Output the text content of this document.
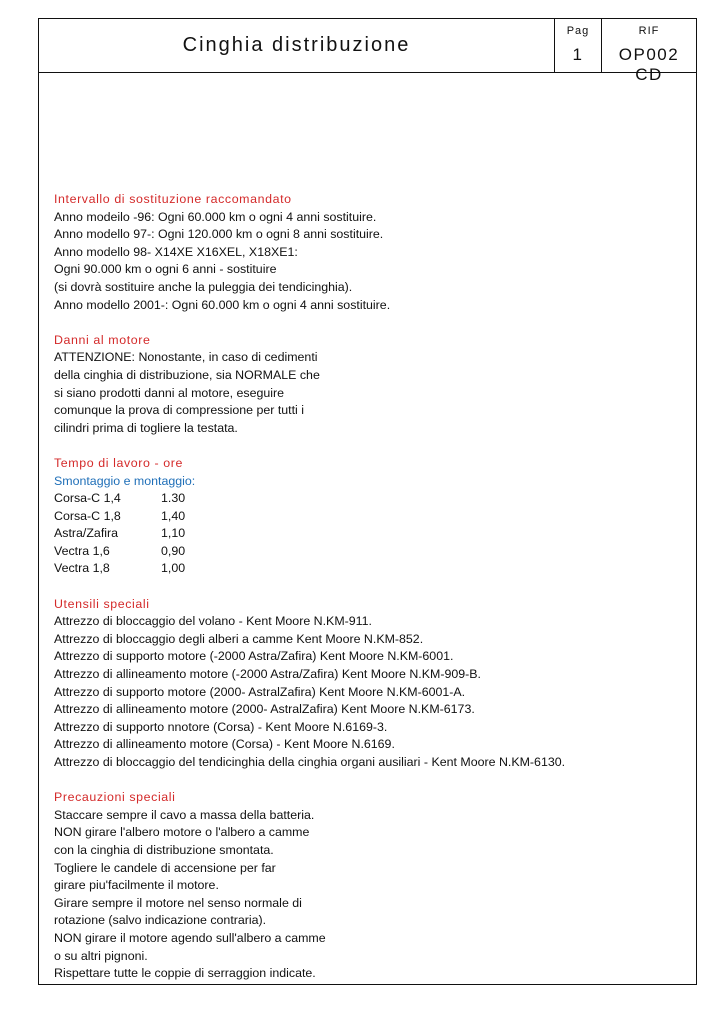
Cinghia distribuzione
Pag
1
RIF
OP002 CD
Intervallo di sostituzione raccomandato
Anno modeilo -96: Ogni 60.000 km o ogni 4 anni sostituire.
Anno modello 97-: Ogni 120.000 km o ogni 8 anni sostituire.
Anno modello 98- X14XE X16XEL, X18XE1:
Ogni 90.000 km o ogni 6 anni - sostituire
(si dovrà sostituire anche la puleggia dei tendicinghia).
Anno modello 2001-: Ogni 60.000 km o ogni 4 anni sostituire.
Danni al motore
ATTENZIONE: Nonostante, in caso di cedimenti
della cinghia di distribuzione, sia NORMALE che
si siano prodotti danni al motore, eseguire
comunque la prova di compressione per tutti i
cilindri prima di togliere la testata.
Tempo di lavoro - ore
Smontaggio e montaggio:
Corsa-C 1,4	1.30
Corsa-C 1,8	1,40
Astra/Zafira	1,10
Vectra 1,6	0,90
Vectra 1,8	1,00
Utensili speciali
Attrezzo di bloccaggio del volano - Kent Moore N.KM-911.
Attrezzo di bloccaggio degli alberi a camme Kent Moore N.KM-852.
Attrezzo di supporto motore (-2000 Astra/Zafira) Kent Moore N.KM-6001.
Attrezzo di allineamento motore (-2000 Astra/Zafira) Kent Moore N.KM-909-B.
Attrezzo di supporto motore (2000- AstralZafira) Kent Moore N.KM-6001-A.
Attrezzo di allineamento motore (2000- AstralZafira) Kent Moore N.KM-6173.
Attrezzo di supporto nnotore (Corsa) - Kent Moore N.6169-3.
Attrezzo di allineamento motore (Corsa) - Kent Moore N.6169.
Attrezzo di bloccaggio del tendicinghia della cinghia organi ausiliari - Kent Moore N.KM-6130.
Precauzioni speciali
Staccare sempre il cavo a massa della batteria.
NON girare l'albero motore o l'albero a camme
con la cinghia di distribuzione smontata.
Togliere le candele di accensione per far
girare piu'facilmente il motore.
Girare sempre il motore nel senso normale di
rotazione (salvo indicazione contraria).
NON girare il motore agendo sull'albero a camme
o su altri pignoni.
Rispettare tutte le coppie di serraggion indicate.
